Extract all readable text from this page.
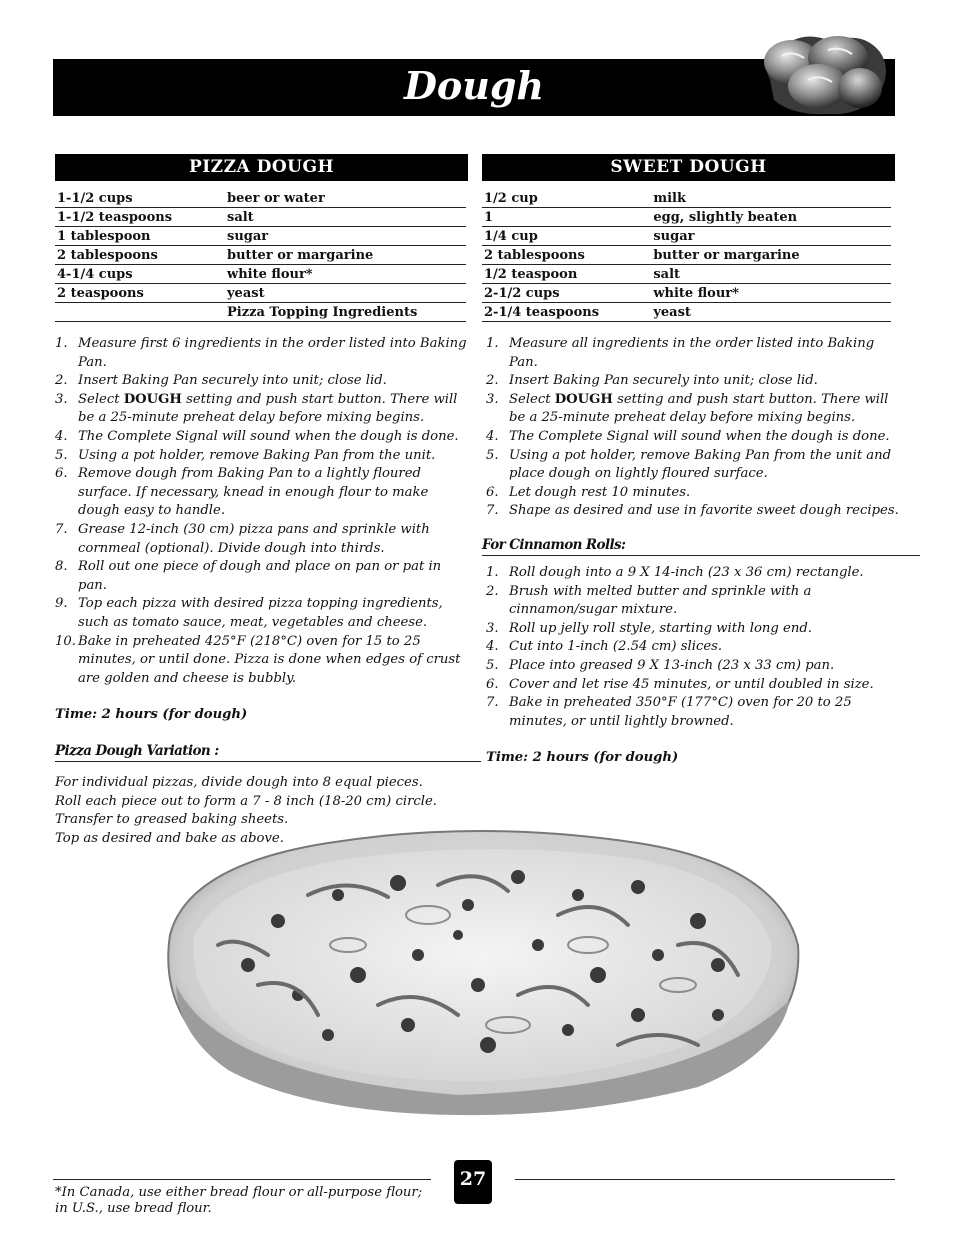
Dough
PIZZA DOUGH
1-1/2 cups	beer or water
1-1/2 teaspoons	salt
1 tablespoon	sugar
2 tablespoons	butter or margarine
4-1/4 cups	white flour*
2 teaspoons	yeast
	Pizza Topping Ingredients
1. Measure first 6 ingredients in the order listed into Baking Pan.
2. Insert Baking Pan securely into unit; close lid.
3. Select DOUGH setting and push start button. There will be a 25-minute preheat delay before mixing begins.
4. The Complete Signal will sound when the dough is done.
5. Using a pot holder, remove Baking Pan from the unit.
6. Remove dough from Baking Pan to a lightly floured surface. If necessary, knead in enough flour to make dough easy to handle.
7. Grease 12-inch (30 cm) pizza pans and sprinkle with cornmeal (optional). Divide dough into thirds.
8. Roll out one piece of dough and place on pan or pat in pan.
9. Top each pizza with desired pizza topping ingredients, such as tomato sauce, meat, vegetables and cheese.
10. Bake in preheated 425°F (218°C) oven for 15 to 25 minutes, or until done. Pizza is done when edges of crust are golden and cheese is bubbly.
Time: 2 hours (for dough)
Pizza Dough Variation :
For individual pizzas, divide dough into 8 equal pieces.
Roll each piece out to form a 7 - 8 inch (18-20 cm) circle.
Transfer to greased baking sheets.
Top as desired and bake as above.
SWEET DOUGH
1/2 cup	milk
1	egg, slightly beaten
1/4 cup	sugar
2 tablespoons	butter or margarine
1/2 teaspoon	salt
2-1/2 cups	white flour*
2-1/4 teaspoons	yeast
1. Measure all ingredients in the order listed into Baking Pan.
2. Insert Baking Pan securely into unit; close lid.
3. Select DOUGH setting and push start button. There will be a 25-minute preheat delay before mixing begins.
4. The Complete Signal will sound when the dough is done.
5. Using a pot holder, remove Baking Pan from the unit and place dough on lightly floured surface.
6. Let dough rest 10 minutes.
7. Shape as desired and use in favorite sweet dough recipes.
For Cinnamon Rolls:
1. Roll dough into a 9 X 14-inch (23 x 36 cm) rectangle.
2. Brush with melted butter and sprinkle with a cinnamon/sugar mixture.
3. Roll up jelly roll style, starting with long end.
4. Cut into 1-inch (2.54 cm) slices.
5. Place into greased 9 X 13-inch (23 x 33 cm) pan.
6. Cover and let rise 45 minutes, or until doubled in size.
7. Bake in preheated 350°F (177°C) oven for 20 to 25 minutes, or until lightly browned.
Time: 2 hours (for dough)
27
*In Canada, use either bread flour or all-purpose flour;
in U.S., use bread flour.
